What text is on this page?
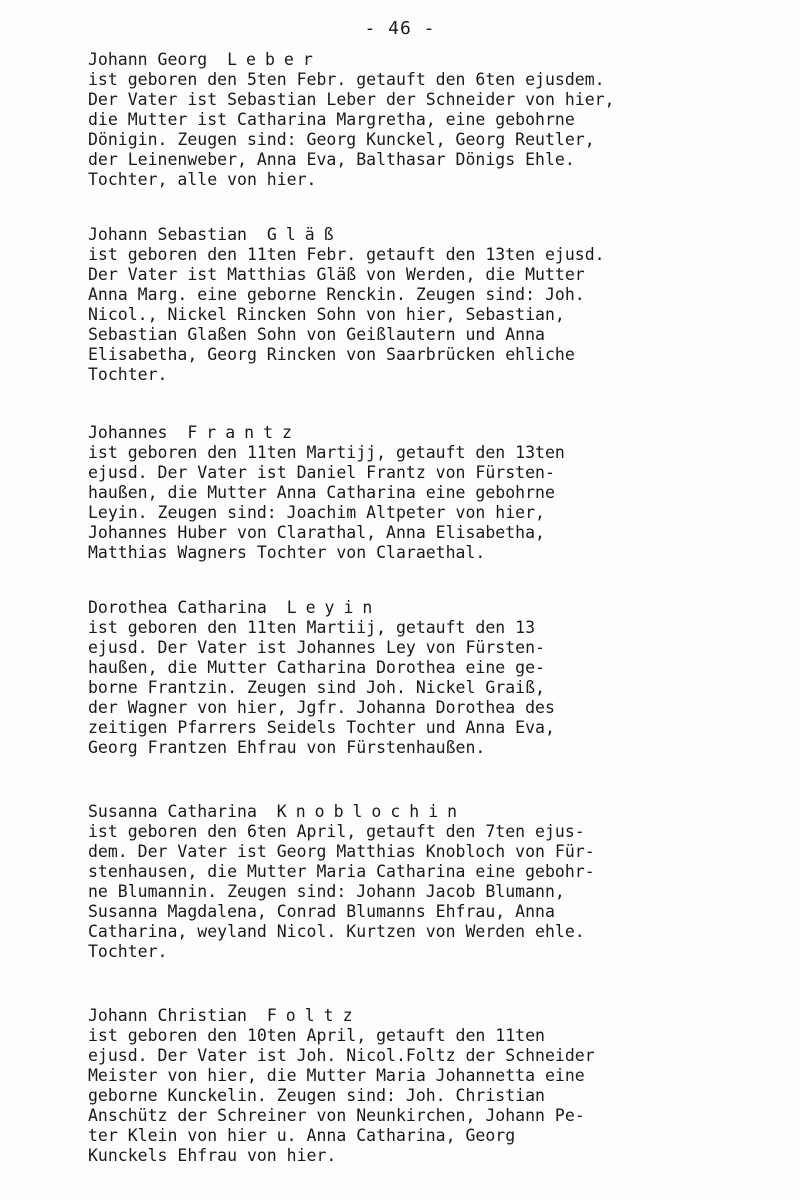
- 46 -
Johann Georg Leber
ist geboren den 5ten Febr. getauft den 6ten ejusdem.
Der Vater ist Sebastian Leber der Schneider von hier,
die Mutter ist Catharina Margretha, eine gebohrne
Dönigin. Zeugen sind: Georg Kunckel, Georg Reutler,
der Leinenweber, Anna Eva, Balthasar Dönigs Ehle.
Tochter, alle von hier.
Johann Sebastian Gläß
ist geboren den 11ten Febr. getauft den 13ten ejusd.
Der Vater ist Matthias Gläß von Werden, die Mutter
Anna Marg. eine geborne Renckin. Zeugen sind: Joh.
Nicol., Nickel Rincken Sohn von hier, Sebastian,
Sebastian Glaßen Sohn von Geißlautern und Anna
Elisabetha, Georg Rincken von Saarbrücken ehliche
Tochter.
Johannes Frantz
ist geboren den 11ten Martijj, getauft den 13ten
ejusd. Der Vater ist Daniel Frantz von Fürsten-
haußen, die Mutter Anna Catharina eine gebohrne
Leyin. Zeugen sind: Joachim Altpeter von hier,
Johannes Huber von Clarathal, Anna Elisabetha,
Matthias Wagners Tochter von Claraethal.
Dorothea Catharina Leyin
ist geboren den 11ten Martiij, getauft den 13
ejusd. Der Vater ist Johannes Ley von Fürsten-
haußen, die Mutter Catharina Dorothea eine ge-
borne Frantzin. Zeugen sind Joh. Nickel Graiß,
der Wagner von hier, Jgfr. Johanna Dorothea des
zeitigen Pfarrers Seidels Tochter und Anna Eva,
Georg Frantzen Ehfrau von Fürstenhaußen.
Susanna Catharina Knoblochin
ist geboren den 6ten April, getauft den 7ten ejus-
dem. Der Vater ist Georg Matthias Knobloch von Für-
stenhausen, die Mutter Maria Catharina eine gebohr-
ne Blumannin. Zeugen sind: Johann Jacob Blumann,
Susanna Magdalena, Conrad Blumanns Ehfrau, Anna
Catharina, weyland Nicol. Kurtzen von Werden ehle.
Tochter.
Johann Christian Foltz
ist geboren den 10ten April, getauft den 11ten
ejusd. Der Vater ist Joh. Nicol.Foltz der Schneider
Meister von hier, die Mutter Maria Johannetta eine
geborne Kunckelin. Zeugen sind: Joh. Christian
Anschütz der Schreiner von Neunkirchen, Johann Pe-
ter Klein von hier u. Anna Catharina, Georg
Kunckels Ehfrau von hier.
